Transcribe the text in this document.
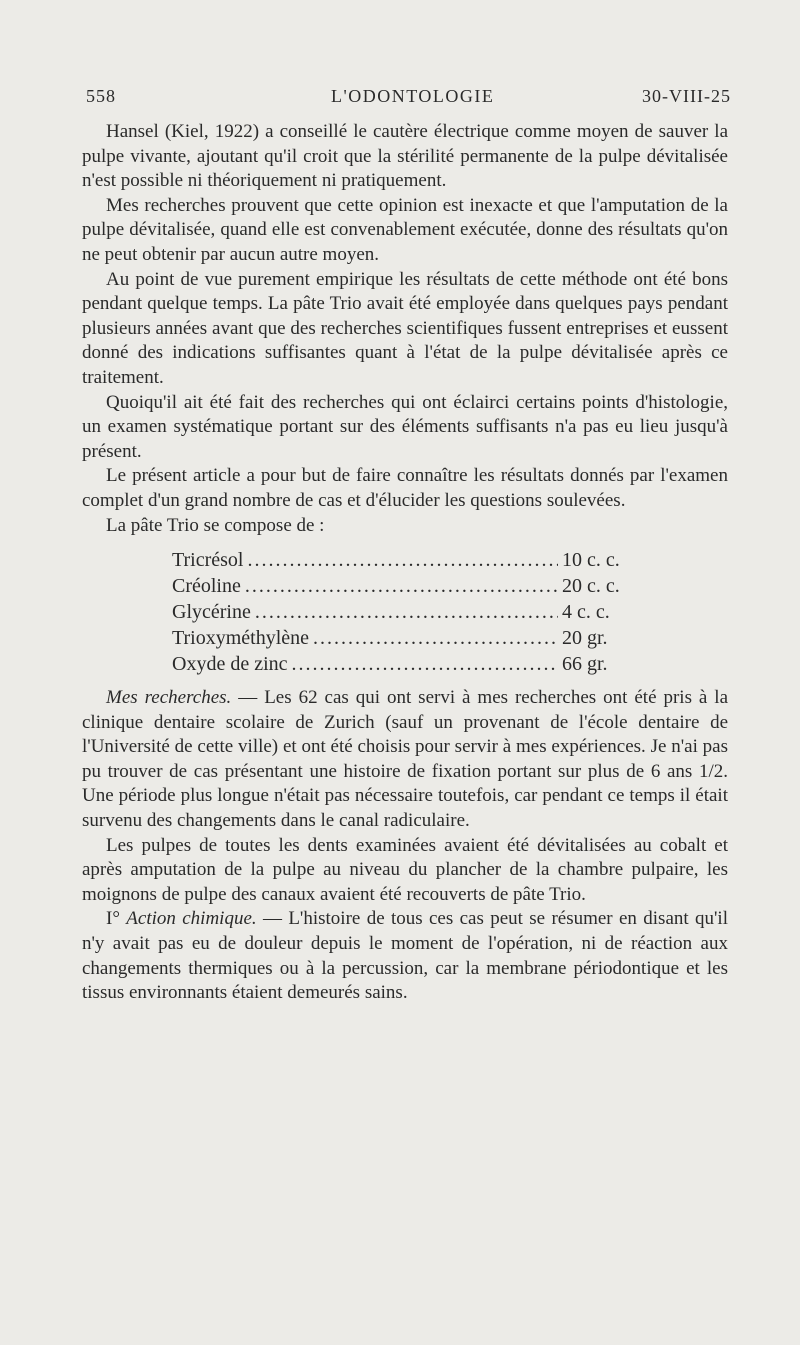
558	L'ODONTOLOGIE	30-VIII-25

Hansel (Kiel, 1922) a conseillé le cautère électrique comme moyen de sauver la pulpe vivante, ajoutant qu'il croit que la stérilité permanente de la pulpe dévitalisée n'est possible ni théoriquement ni pratiquement.

Mes recherches prouvent que cette opinion est inexacte et que l'amputation de la pulpe dévitalisée, quand elle est convenablement exécutée, donne des résultats qu'on ne peut obtenir par aucun autre moyen.

Au point de vue purement empirique les résultats de cette méthode ont été bons pendant quelque temps. La pâte Trio avait été employée dans quelques pays pendant plusieurs années avant que des recherches scientifiques fussent entreprises et eussent donné des indications suffisantes quant à l'état de la pulpe dévitalisée après ce traitement.

Quoiqu'il ait été fait des recherches qui ont éclairci certains points d'histologie, un examen systématique portant sur des éléments suffisants n'a pas eu lieu jusqu'à présent.

Le présent article a pour but de faire connaître les résultats donnés par l'examen complet d'un grand nombre de cas et d'élucider les questions soulevées.

La pâte Trio se compose de :

Tricrésol .....	10 c. c.
Créoline .....	20 c. c.
Glycérine .....	4 c. c.
Trioxyméthylène .....	20 gr.
Oxyde de zinc .....	66 gr.

Mes recherches. — Les 62 cas qui ont servi à mes recherches ont été pris à la clinique dentaire scolaire de Zurich (sauf un provenant de l'école dentaire de l'Université de cette ville) et ont été choisis pour servir à mes expériences. Je n'ai pas pu trouver de cas présentant une histoire de fixation portant sur plus de 6 ans 1/2. Une période plus longue n'était pas nécessaire toutefois, car pendant ce temps il était survenu des changements dans le canal radiculaire.

Les pulpes de toutes les dents examinées avaient été dévitalisées au cobalt et après amputation de la pulpe au niveau du plancher de la chambre pulpaire, les moignons de pulpe des canaux avaient été recouverts de pâte Trio.

I° Action chimique. — L'histoire de tous ces cas peut se résumer en disant qu'il n'y avait pas eu de douleur depuis le moment de l'opération, ni de réaction aux changements thermiques ou à la percussion, car la membrane périodontique et les tissus environnants étaient demeurés sains.
